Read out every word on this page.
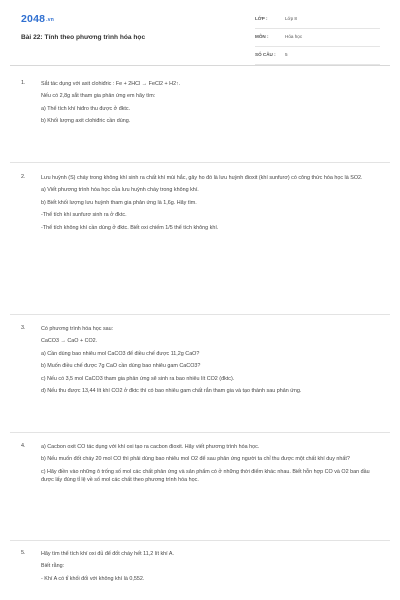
2048.vn
Bài 22: Tính theo phương trình hóa học
LỚP :	Lớp 8
MÔN :	Hóa học
SỐ CÂU : 5
1.	Sắt tác dụng với axit clohiđric : Fe + 2HCl → FeCl2 + H2↑.

Nếu có 2,8g sắt tham gia phản ứng em hãy tìm:

a) Thể tích khí hiđro thu được ở đktc.

b) Khối lượng axit clohiđric cần dùng.

2.	Lưu huỳnh (S) cháy trong không khí sinh ra chất khí mùi hắc, gây ho đó là lưu huỳnh đioxit (khí sunfurơ) có công thức hóa học là SO2.

a) Viết phương trình hóa học của lưu huỳnh cháy trong không khí.

b) Biết khối lượng lưu huỳnh tham gia phản ứng là 1,6g. Hãy tìm.

-Thể tích khí sunfurơ sinh ra ở đktc.

-Thể tích không khí cần dùng ở đktc. Biết oxi chiếm 1/5 thể tích không khí.

3.	Có phương trình hóa học sau:

CaCO3 → CaO + CO2.

a) Cần dùng bao nhiêu mol CaCO3 để điều chế được 11,2g CaO?

b) Muốn điều chế được 7g CaO cần dùng bao nhiêu gam CaCO3?

c) Nếu có 3,5 mol CaCO3 tham gia phản ứng sẽ sinh ra bao nhiêu lít CO2 (đktc).

d) Nếu thu được 13,44 lít khí CO2 ở đktc thì có bao nhiêu gam chất rắn tham gia và tạo thành sau phản ứng.

4.	a) Cacbon oxit CO tác dụng với khí oxi tạo ra cacbon đioxit. Hãy viết phương trình hóa học.

b) Nếu muốn đốt cháy 20 mol CO thì phải dùng bao nhiêu mol O2 để sau phản ứng người ta chỉ thu được một chất khí duy nhất?

c) Hãy điền vào những ô trống số mol các chất phản ứng và sản phẩm có ở những thời điểm khác nhau. Biết hỗn hợp CO và O2 ban đầu được lấy đúng tỉ lệ về số mol các chất theo phương trình hóa học.

5.	Hãy tìm thể tích khí oxi đủ để đốt cháy hết 11,2 lít khí A.

Biết rằng:

- Khí A có tỉ khối đối với không khí là 0,552.
